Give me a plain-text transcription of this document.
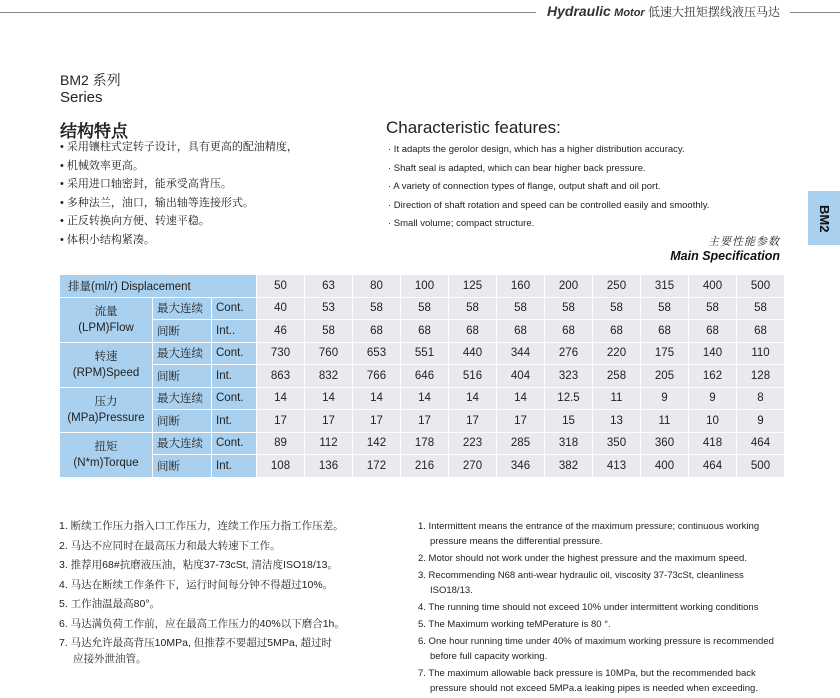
Hydraulic Motor 低速大扭矩摆线液压马达
BM2 系列
Series
BM2
结构特点
• 采用镶柱式定转子设计，具有更高的配油精度，
• 机械效率更高。
• 采用进口轴密封，能承受高背压。
• 多种法兰，油口，输出轴等连接形式。
• 正反转换向方便、转速平稳。
• 体积小结构紧凑。
Characteristic features:
· It adapts the gerolor design, which has a higher distribution accuracy.
· Shaft seal is adapted, which can bear higher back pressure.
· A variety of connection types of flange, output shaft and oil port.
· Direction of shaft rotation and speed can be controlled easily and smoothly.
· Small volume; compact structure.
主要性能参数
Main Specification
排量(ml/r) Displacement			50	63	80	100	125	160	200	250	315	400	500

流量
(LPM)Flow	最大连续	Cont.	40	53	58	58	58	58	58	58	58	58	58
	间断	Int..	46	58	68	68	68	68	68	68	68	68	68

转速
(RPM)Speed	最大连续	Cont.	730	760	653	551	440	344	276	220	175	140	110
	间断	Int.	863	832	766	646	516	404	323	258	205	162	128

压力
(MPa)Pressure	最大连续	Cont.	14	14	14	14	14	14	12.5	11	9	9	8
	间断	Int.	17	17	17	17	17	17	15	13	11	10	9

扭矩
(N*m)Torque	最大连续	Cont.	89	112	142	178	223	285	318	350	360	418	464
	间断	Int.	108	136	172	216	270	346	382	413	400	464	500
1. 断续工作压力指入口工作压力，连续工作压力指工作压差。
2. 马达不应同时在最高压力和最大转速下工作。
3. 推荐用68#抗磨液压油，粘度37-73cSt, 清洁度ISO18/13。
4. 马达在断续工作条件下，运行时间每分钟不得超过10%。
5. 工作油温最高80°。
6. 马达满负荷工作前，应在最高工作压力的40%以下磨合1h。
7. 马达允许最高背压10MPa, 但推荐不要超过5MPa, 超过时
应接外泄油管。
1. Intermittent means the entrance of the maximum pressure; continuous working pressure means the differential pressure.
2. Motor should not work under the highest pressure and the maximum speed.
3. Recommending N68 anti-wear hydraulic oil, viscosity 37-73cSt, cleanliness ISO18/13.
4. The running time should not exceed 10% under intermittent working conditions
5. The Maximum working teMPerature is 80 °.
6. One hour running time under 40% of maximum working pressure is recommended before full capacity working.
7. The maximum allowable back pressure is 10MPa, but the recommended back pressure should not exceed 5MPa.a leaking pipes is needed when exceeding.
